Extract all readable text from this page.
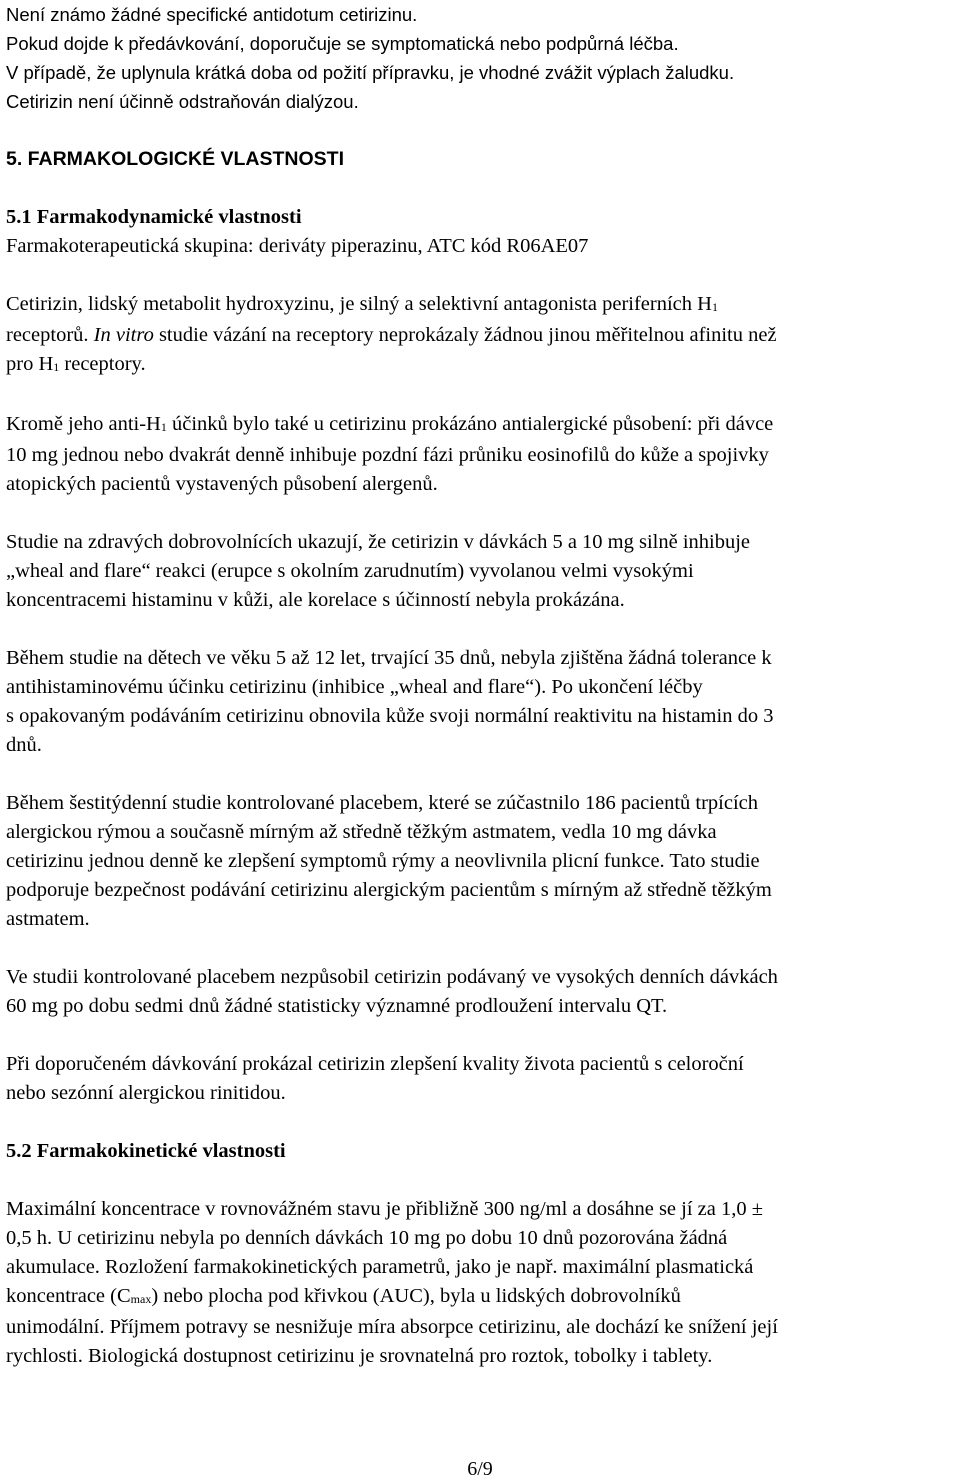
Není známo žádné specifické antidotum cetirizinu.
Pokud dojde k předávkování, doporučuje se symptomatická nebo podpůrná léčba.
V případě, že uplynula krátká doba od požití přípravku, je vhodné zvážit výplach žaludku.
Cetirizin není účinně odstraňován dialýzou.
5. FARMAKOLOGICKÉ VLASTNOSTI
5.1 Farmakodynamické vlastnosti
Farmakoterapeutická skupina: deriváty piperazinu, ATC kód R06AE07

Cetirizin, lidský metabolit hydroxyzinu, je silný a selektivní antagonista periferních $H_1$
receptorů. In vitro studie vázání na receptory neprokázaly žádnou jinou měřitelnou afinitu než
pro $H_1$ receptory.

Kromě jeho anti-$H_1$ účinků bylo také u cetirizinu prokázáno antialergické působení: při dávce
10 mg jednou nebo dvakrát denně inhibuje pozdní fázi průniku eosinofilů do kůže a spojivky
atopických pacientů vystavených působení alergenů.

Studie na zdravých dobrovolnících ukazují, že cetirizin v dávkách 5 a 10 mg silně inhibuje
„wheal and flare“ reakci (erupce s okolním zarudnutím) vyvolanou velmi vysokými
koncentracemi histaminu v kůži, ale korelace s účinností nebyla prokázána.

Během studie na dětech ve věku 5 až 12 let, trvající 35 dnů, nebyla zjištěna žádná tolerance k
antihistaminovému účinku cetirizinu (inhibice „wheal and flare“). Po ukončení léčby
s opakovaným podáváním cetirizinu obnovila kůže svoji normální reaktivitu na histamin do 3
dnů.

Během šestitýdenní studie kontrolované placebem, které se zúčastnilo 186 pacientů trpících
alergickou rýmou a současně mírným až středně těžkým astmatem, vedla 10 mg dávka
cetirizinu jednou denně ke zlepšení symptomů rýmy a neovlivnila plicní funkce. Tato studie
podporuje bezpečnost podávání cetirizinu alergickým pacientům s mírným až středně těžkým
astmatem.

Ve studii kontrolované placebem nezpůsobil cetirizin podávaný ve vysokých denních dávkách
60 mg po dobu sedmi dnů žádné statisticky významné prodloužení intervalu QT.

Při doporučeném dávkování prokázal cetirizin zlepšení kvality života pacientů s celoroční
nebo sezónní alergickou rinitidou.

5.2 Farmakokinetické vlastnosti

Maximální koncentrace v rovnovážném stavu je přibližně 300 ng/ml a dosáhne se jí za 1,0 ±
0,5 h. U cetirizinu nebyla po denních dávkách 10 mg po dobu 10 dnů pozorována žádná
akumulace. Rozložení farmakokinetických parametrů, jako je např. maximální plasmatická
koncentrace $(C_{max})$ nebo plocha pod křivkou (AUC), byla u lidských dobrovolníků
unimodální. Příjmem potravy se nesnižuje míra absorpce cetirizinu, ale dochází ke snížení její
rychlosti. Biologická dostupnost cetirizinu je srovnatelná pro roztok, tobolky i tablety.

6/9
